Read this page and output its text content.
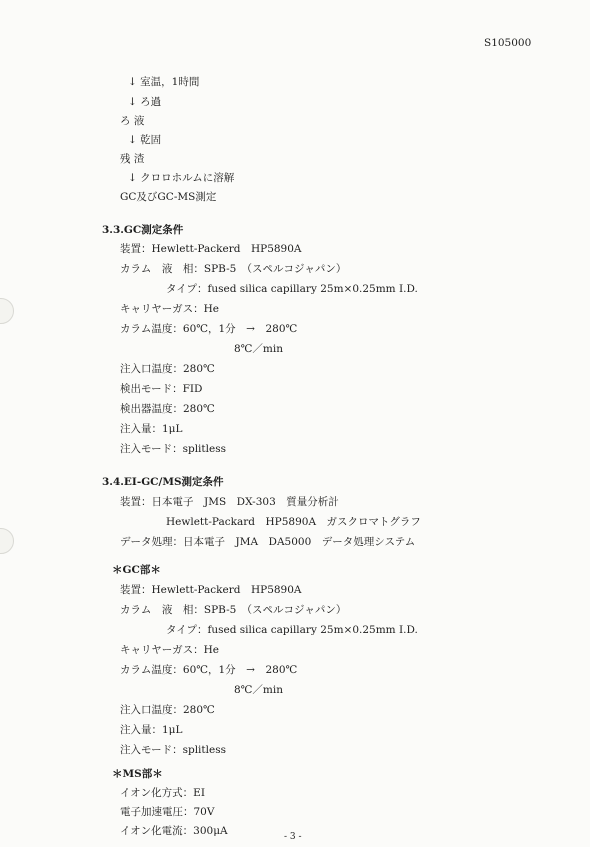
S105000
↓ 室温，1時間
↓ ろ過
ろ 液
↓ 乾固
残 渣
↓ クロロホルムに溶解
GC及びGC-MS測定
3.3.GC測定条件
装置：Hewlett-Packerd　HP5890A
カラム　液　相：SPB-5　（スペルコジャパン）
タイプ：fused silica capillary 25m×0.25mm I.D.
キャリヤーガス：He
カラム温度：60℃，1分　→　280℃
8℃／min
注入口温度：280℃
検出モード：FID
検出器温度：280℃
注入量：1μL
注入モード：splitless
3.4.EI-GC/MS測定条件
装置：日本電子　JMS　DX-303　質量分析計
Hewlett-Packard　HP5890A　ガスクロマトグラフ
データ処理：日本電子　JMA　DA5000　データ処理システム
＊GC部＊
装置：Hewlett-Packerd　HP5890A
カラム　液　相：SPB-5　（スペルコジャパン）
タイプ：fused silica capillary 25m×0.25mm I.D.
キャリヤーガス：He
カラム温度：60℃，1分　→　280℃
8℃／min
注入口温度：280℃
注入量：1μL
注入モード：splitless
＊MS部＊
イオン化方式：EI
電子加速電圧：70V
イオン化電流：300μA	- 3 -
